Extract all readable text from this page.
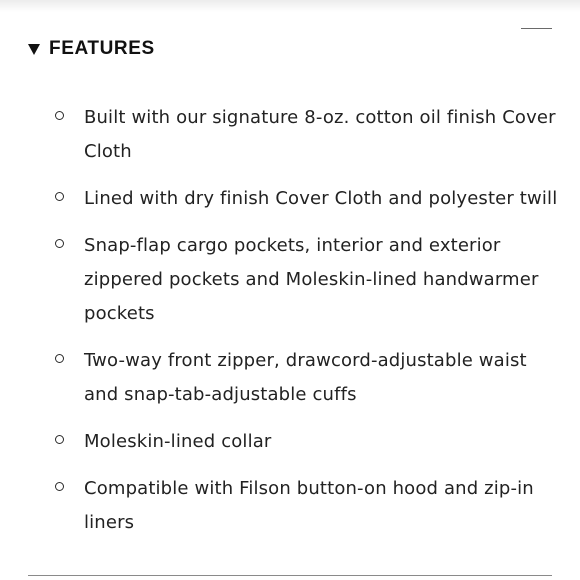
FEATURES
Built with our signature 8-oz. cotton oil finish Cover Cloth
Lined with dry finish Cover Cloth and polyester twill
Snap-flap cargo pockets, interior and exterior zippered pockets and Moleskin-lined handwarmer pockets
Two-way front zipper, drawcord-adjustable waist and snap-tab-adjustable cuffs
Moleskin-lined collar
Compatible with Filson button-on hood and zip-in liners
